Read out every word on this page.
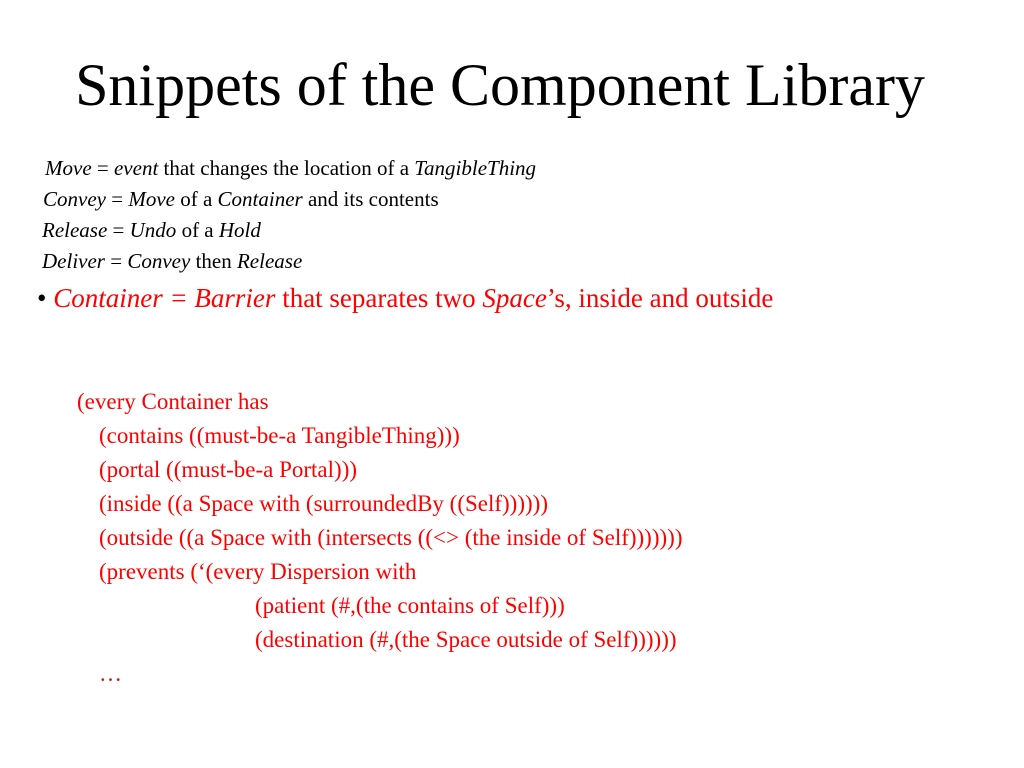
Snippets of the Component Library
Move = event that changes the location of a TangibleThing
Convey = Move of a Container and its contents
Release = Undo of a Hold
Deliver = Convey then Release
• Container = Barrier that separates two Space’s, inside and outside
(every Container has
(contains ((must-be-a TangibleThing)))
(portal ((must-be-a Portal)))
(inside ((a Space with (surroundedBy ((Self))))))
(outside ((a Space with (intersects ((<> (the inside of Self)))))))
(prevents (‘(every Dispersion with
(patient (#,(the contains of Self)))
(destination (#,(the Space outside of Self))))))
…
